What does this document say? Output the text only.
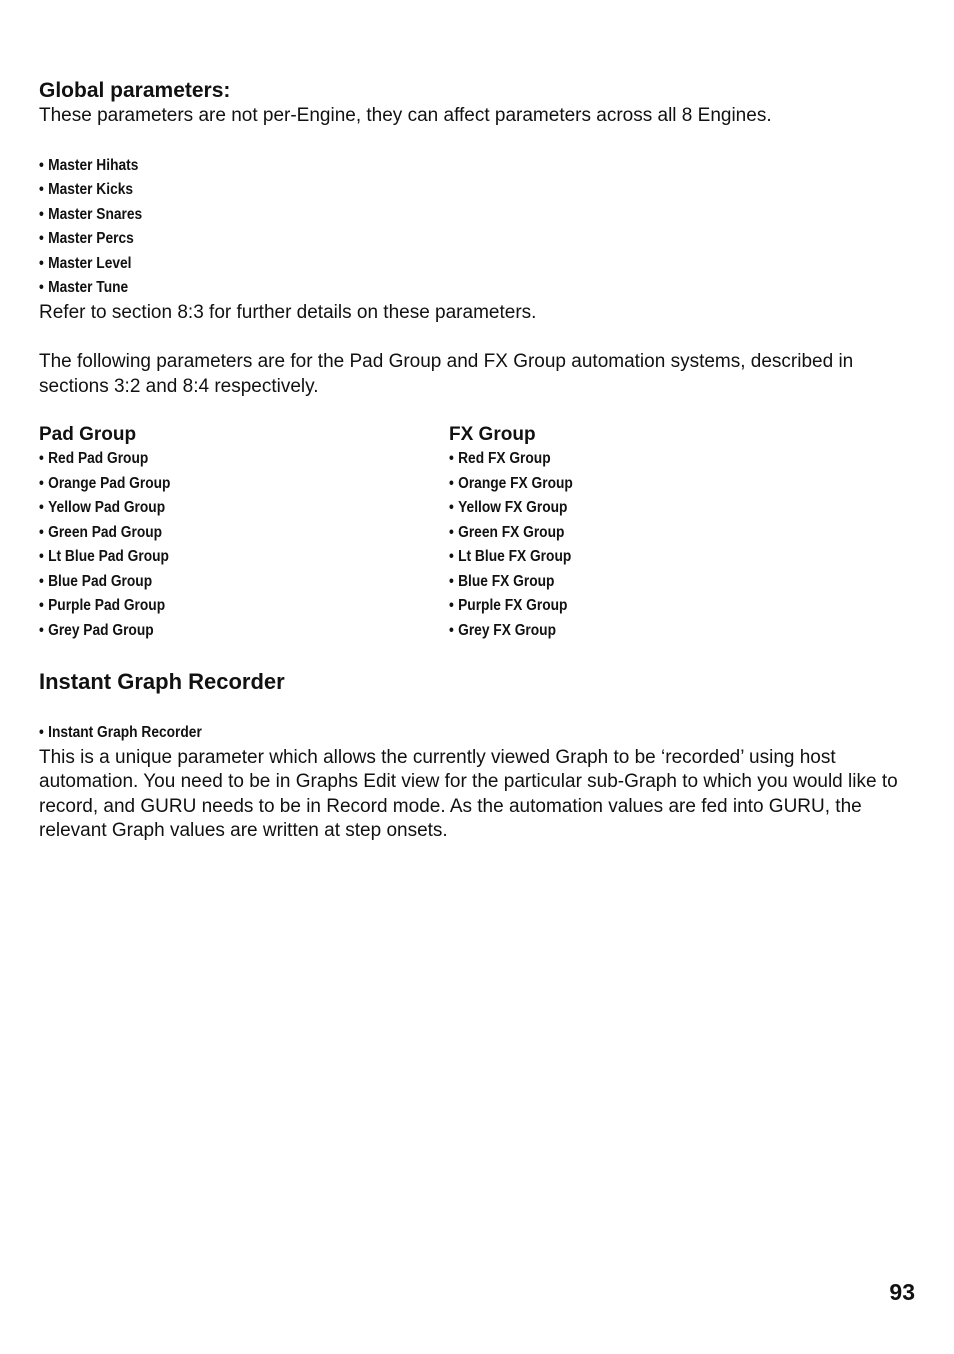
Global parameters:

These parameters are not per-Engine, they can affect parameters across all 8 Engines.

• Master Hihats
• Master Kicks
• Master Snares
• Master Percs
• Master Level
• Master Tune

Refer to section 8:3 for further details on these parameters.

The following parameters are for the Pad Group and FX Group automation systems, described in sections 3:2 and 8:4 respectively.

Pad Group
• Red Pad Group
• Orange Pad Group
• Yellow Pad Group
• Green Pad Group
• Lt Blue Pad Group
• Blue Pad Group
• Purple Pad Group
• Grey Pad Group
FX Group
• Red FX Group
• Orange FX Group
• Yellow FX Group
• Green FX Group
• Lt Blue FX Group
• Blue FX Group
• Purple FX Group
• Grey FX Group
Instant Graph Recorder
• Instant Graph Recorder

This is a unique parameter which allows the currently viewed Graph to be ‘recorded’ using host automation. You need to be in Graphs Edit view for the particular sub-Graph to which you would like to record, and GURU needs to be in Record mode. As the automation values are fed into GURU, the relevant Graph values are written at step onsets.

93
